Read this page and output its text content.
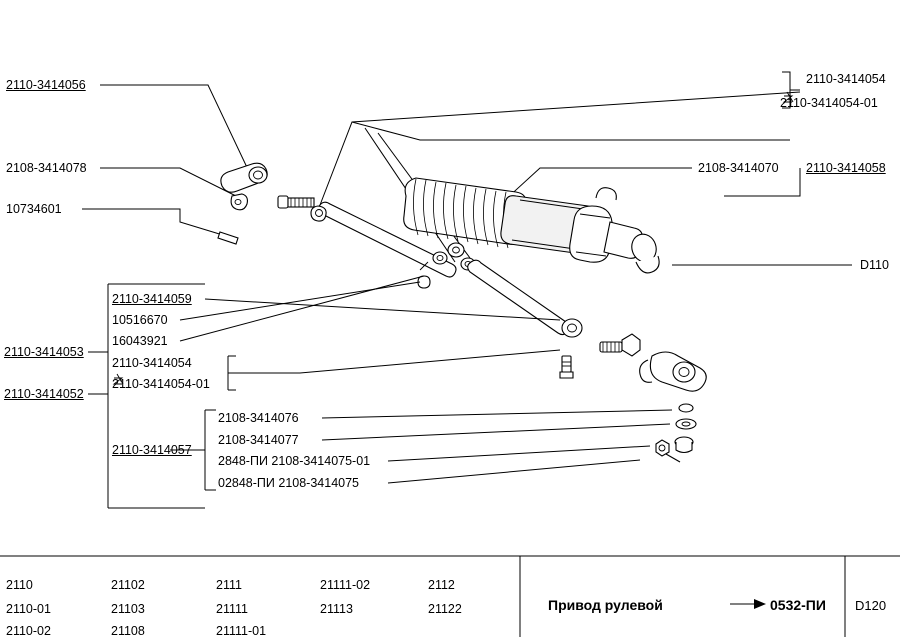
2110-3414056
2108-3414078
10734601
2110-3414054
2110-3414054-01
2108-3414070 2110-3414058
D110
2110-3414059
10516670
16043921
2110-3414054
2110-3414054-01
2110-3414053
2110-3414052
2110-3414057
2108-3414076
2108-3414077
2848-ПИ 2108-3414075-01
02848-ПИ 2108-3414075
2110
2110-01
2110-02
21102
21103
21108
2111
21111
21111-01
21111-02
21113
2112
21122	Привод рулевой	0532-ПИ D120
